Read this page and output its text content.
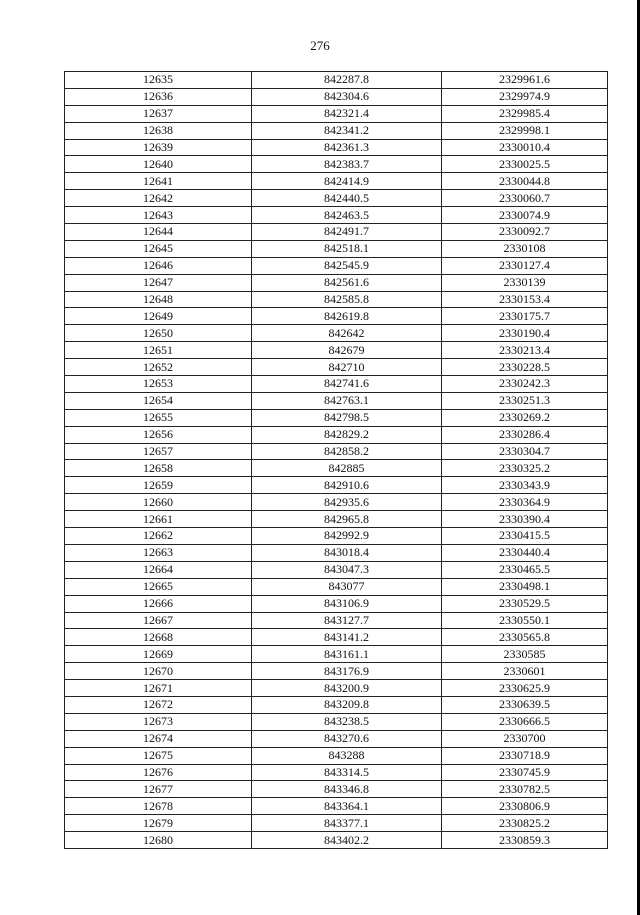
276
12635	842287.8	2329961.6
12636	842304.6	2329974.9
12637	842321.4	2329985.4
12638	842341.2	2329998.1
12639	842361.3	2330010.4
12640	842383.7	2330025.5
12641	842414.9	2330044.8
12642	842440.5	2330060.7
12643	842463.5	2330074.9
12644	842491.7	2330092.7
12645	842518.1	2330108
12646	842545.9	2330127.4
12647	842561.6	2330139
12648	842585.8	2330153.4
12649	842619.8	2330175.7
12650	842642	2330190.4
12651	842679	2330213.4
12652	842710	2330228.5
12653	842741.6	2330242.3
12654	842763.1	2330251.3
12655	842798.5	2330269.2
12656	842829.2	2330286.4
12657	842858.2	2330304.7
12658	842885	2330325.2
12659	842910.6	2330343.9
12660	842935.6	2330364.9
12661	842965.8	2330390.4
12662	842992.9	2330415.5
12663	843018.4	2330440.4
12664	843047.3	2330465.5
12665	843077	2330498.1
12666	843106.9	2330529.5
12667	843127.7	2330550.1
12668	843141.2	2330565.8
12669	843161.1	2330585
12670	843176.9	2330601
12671	843200.9	2330625.9
12672	843209.8	2330639.5
12673	843238.5	2330666.5
12674	843270.6	2330700
12675	843288	2330718.9
12676	843314.5	2330745.9
12677	843346.8	2330782.5
12678	843364.1	2330806.9
12679	843377.1	2330825.2
12680	843402.2	2330859.3
